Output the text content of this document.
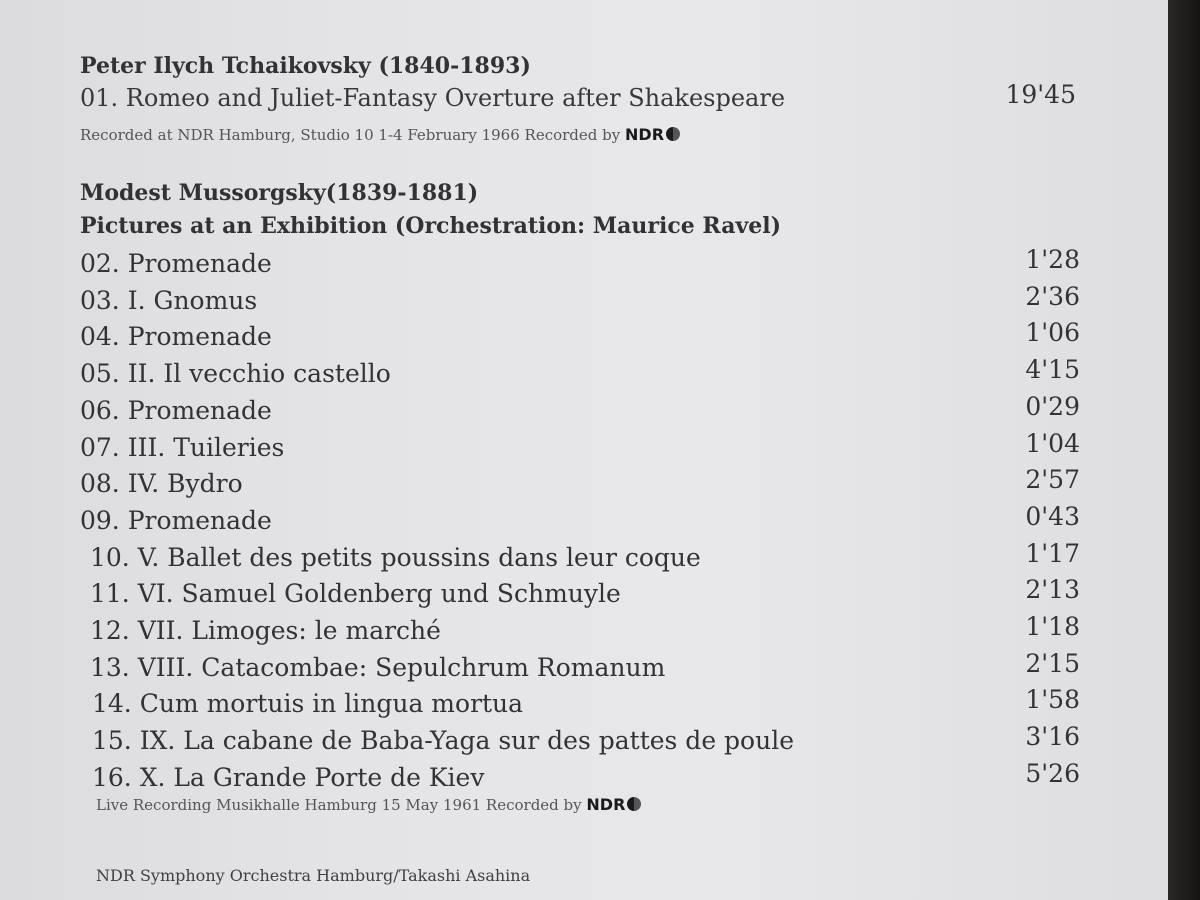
Peter Ilych Tchaikovsky (1840-1893)
01. Romeo and Juliet-Fantasy Overture after Shakespeare	19'45
Recorded at NDR Hamburg, Studio 10 1-4 February 1966 Recorded by NDR
Modest Mussorgsky(1839-1881)
Pictures at an Exhibition (Orchestration: Maurice Ravel)
02. Promenade	1'28
03. I. Gnomus	2'36
04. Promenade	1'06
05. II. Il vecchio castello	4'15
06. Promenade	0'29
07. III. Tuileries	1'04
08. IV. Bydro	2'57
09. Promenade	0'43
10. V. Ballet des petits poussins dans leur coque	1'17
11. VI. Samuel Goldenberg und Schmuyle	2'13
12. VII. Limoges: le marché	1'18
13. VIII. Catacombae: Sepulchrum Romanum	2'15
14. Cum mortuis in lingua mortua	1'58
15. IX. La cabane de Baba-Yaga sur des pattes de poule	3'16
16. X. La Grande Porte de Kiev	5'26
Live Recording Musikhalle Hamburg 15 May 1961 Recorded by NDR
NDR Symphony Orchestra Hamburg/Takashi Asahina
